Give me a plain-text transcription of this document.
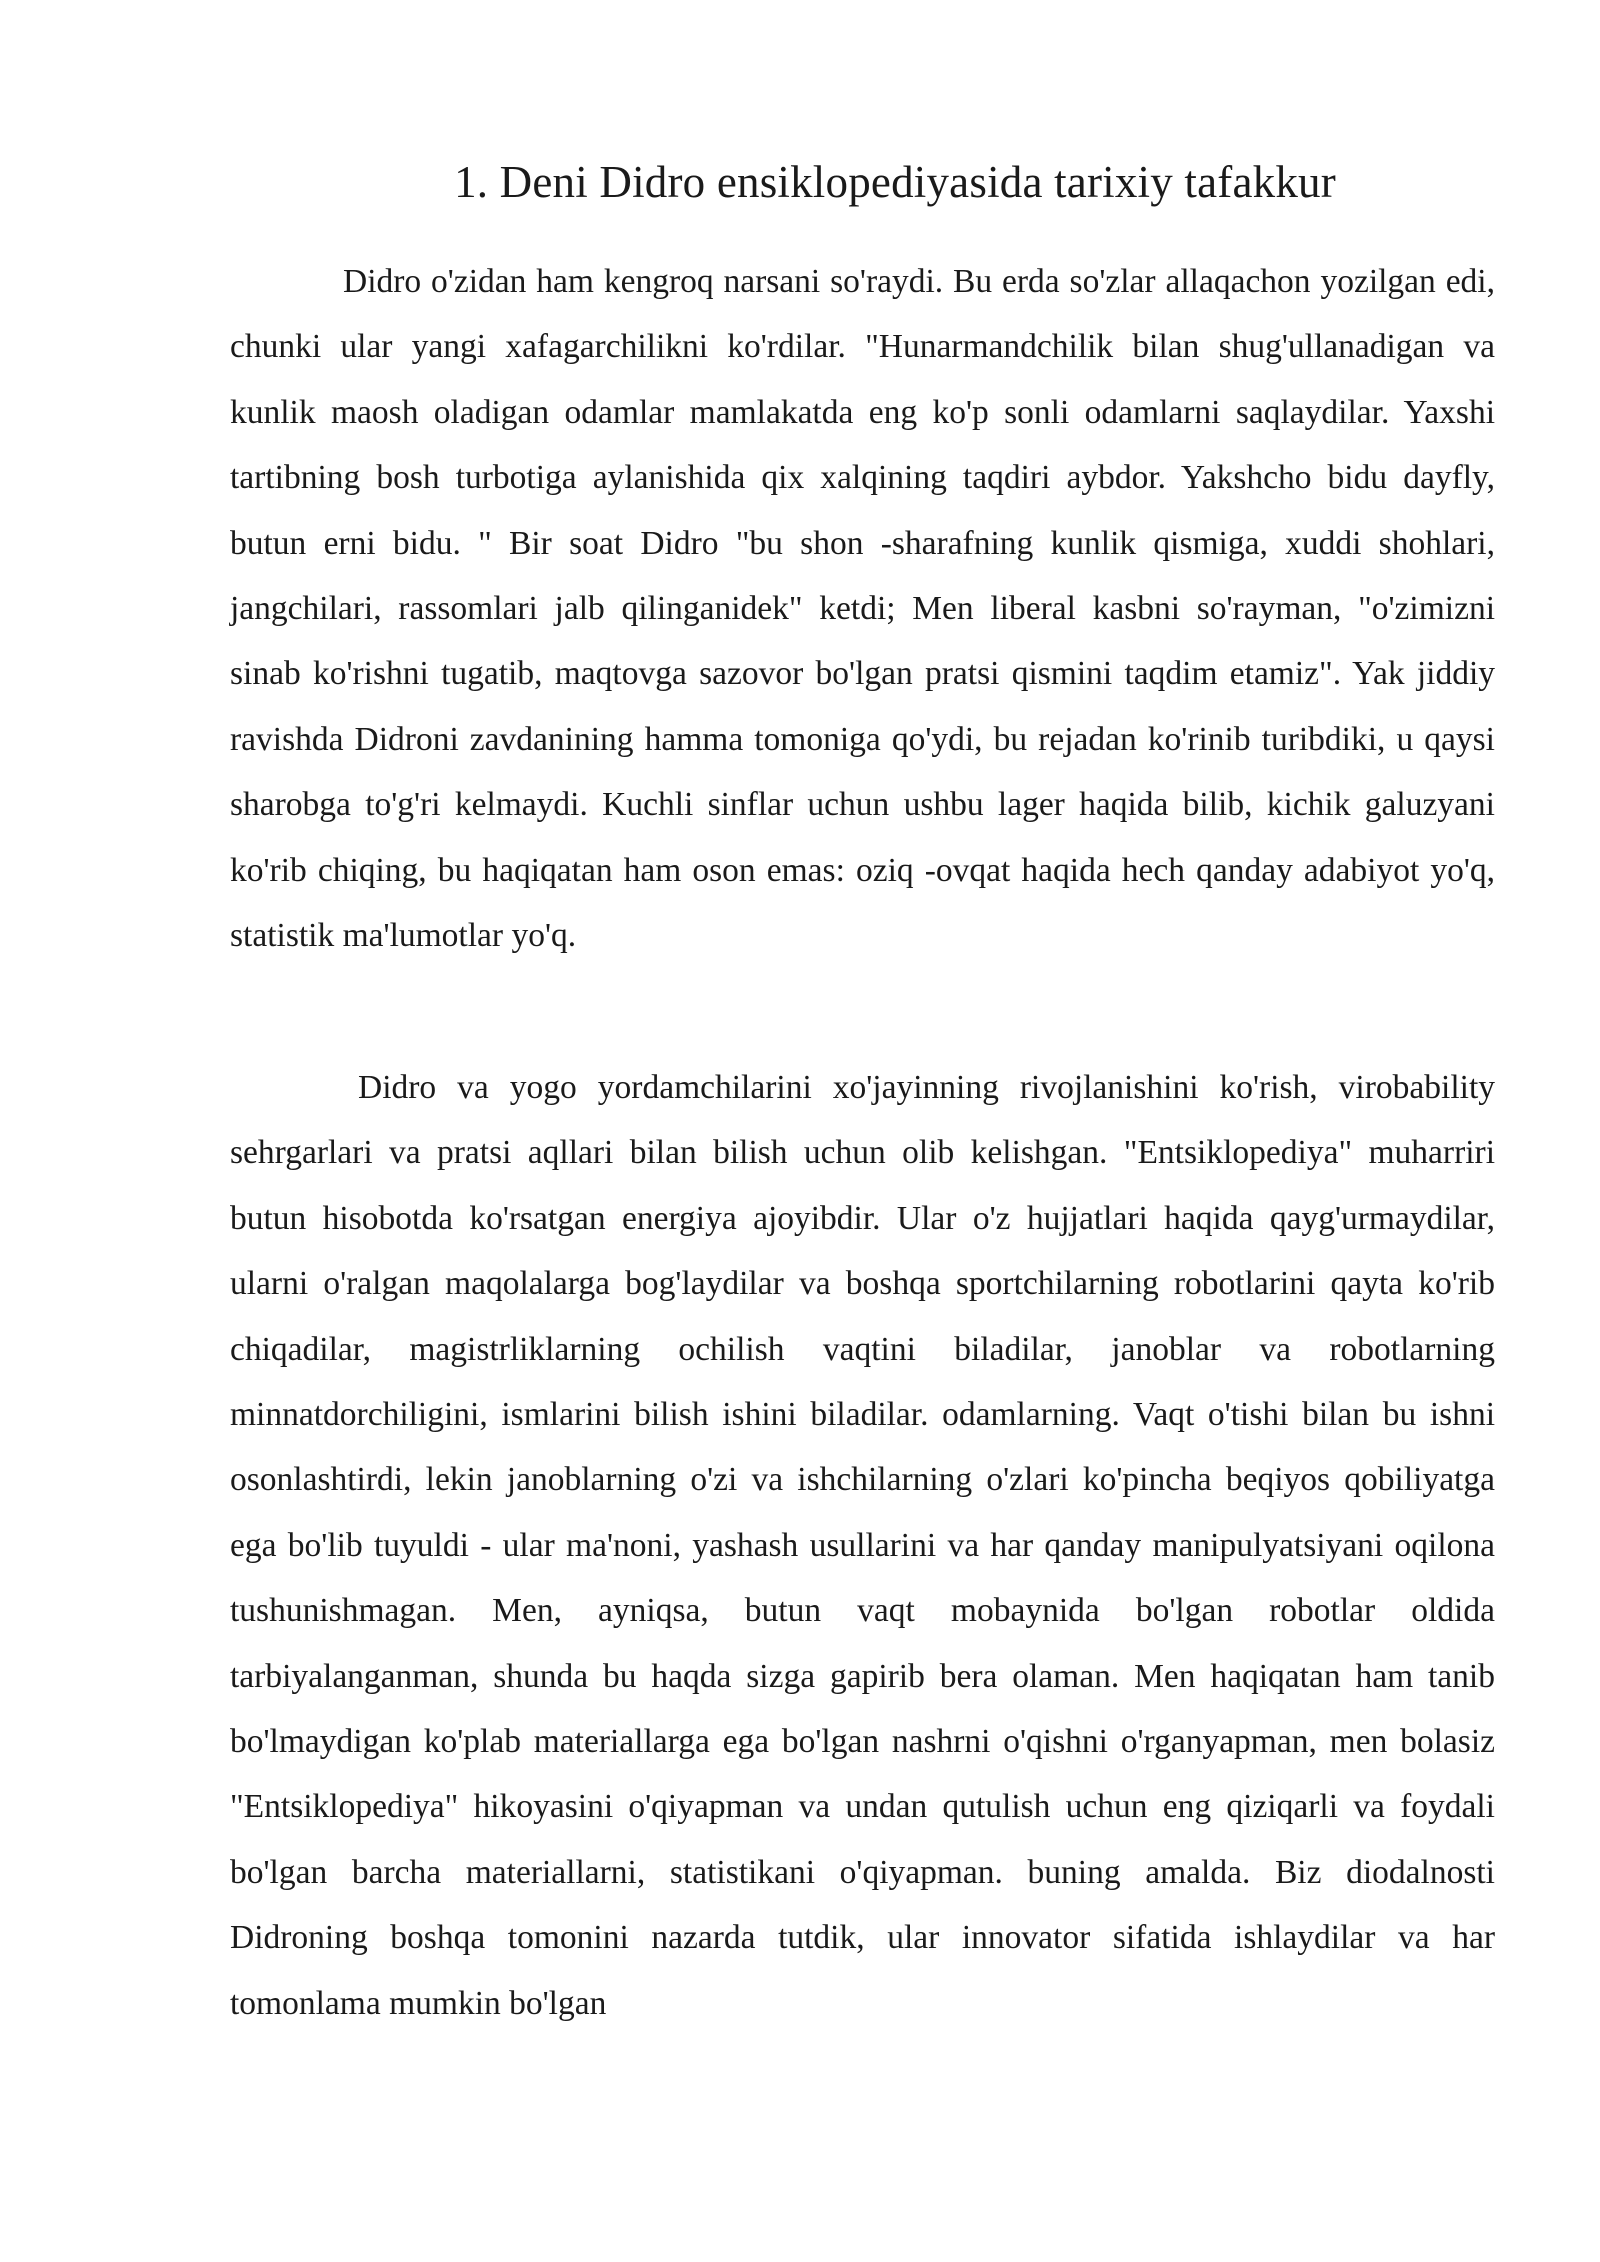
1. Deni Didro ensiklopediyasida tarixiy tafakkur

Didro o'zidan ham kengroq narsani so'raydi. Bu erda so'zlar allaqachon yozilgan edi, chunki ular yangi xafagarchilikni ko'rdilar. "Hunarmandchilik bilan shug'ullanadigan va kunlik maosh oladigan odamlar mamlakatda eng ko'p sonli odamlarni saqlaydilar. Yaxshi tartibning bosh turbotiga aylanishida qix xalqining taqdiri aybdor. Yakshcho bidu dayfly, butun erni bidu. " Bir soat Didro "bu shon -sharafning kunlik qismiga, xuddi shohlari, jangchilari, rassomlari jalb qilinganidek" ketdi; Men liberal kasbni so'rayman, "o'zimizni sinab ko'rishni tugatib, maqtovga sazovor bo'lgan pratsi qismini taqdim etamiz". Yak jiddiy ravishda Didroni zavdanining hamma tomoniga qo'ydi, bu rejadan ko'rinib turibdiki, u qaysi sharobga to'g'ri kelmaydi. Kuchli sinflar uchun ushbu lager haqida bilib, kichik galuzyani ko'rib chiqing, bu haqiqatan ham oson emas: oziq -ovqat haqida hech qanday adabiyot yo'q, statistik ma'lumotlar yo'q.

Didro va yogo yordamchilarini xo'jayinning rivojlanishini ko'rish, virobability sehrgarlari va pratsi aqllari bilan bilish uchun olib kelishgan. "Entsiklopediya" muharriri butun hisobotda ko'rsatgan energiya ajoyibdir. Ular o'z hujjatlari haqida qayg'urmaydilar, ularni o'ralgan maqolalarga bog'laydilar va boshqa sportchilarning robotlarini qayta ko'rib chiqadilar, magistrliklarning ochilish vaqtini biladilar, janoblar va robotlarning minnatdorchiligini, ismlarini bilish ishini biladilar. odamlarning. Vaqt o'tishi bilan bu ishni osonlashtirdi, lekin janoblarning o'zi va ishchilarning o'zlari ko'pincha beqiyos qobiliyatga ega bo'lib tuyuldi - ular ma'noni, yashash usullarini va har qanday manipulyatsiyani oqilona tushunishmagan. Men, ayniqsa, butun vaqt mobaynida bo'lgan robotlar oldida tarbiyalanganman, shunda bu haqda sizga gapirib bera olaman. Men haqiqatan ham tanib bo'lmaydigan ko'plab materiallarga ega bo'lgan nashrni o'qishni o'rganyapman, men bolasiz "Entsiklopediya" hikoyasini o'qiyapman va undan qutulish uchun eng qiziqarli va foydali bo'lgan barcha materiallarni, statistikani o'qiyapman. buning amalda. Biz diodalnosti Didroning boshqa tomonini nazarda tutdik, ular innovator sifatida ishlaydilar va har tomonlama mumkin bo'lgan
